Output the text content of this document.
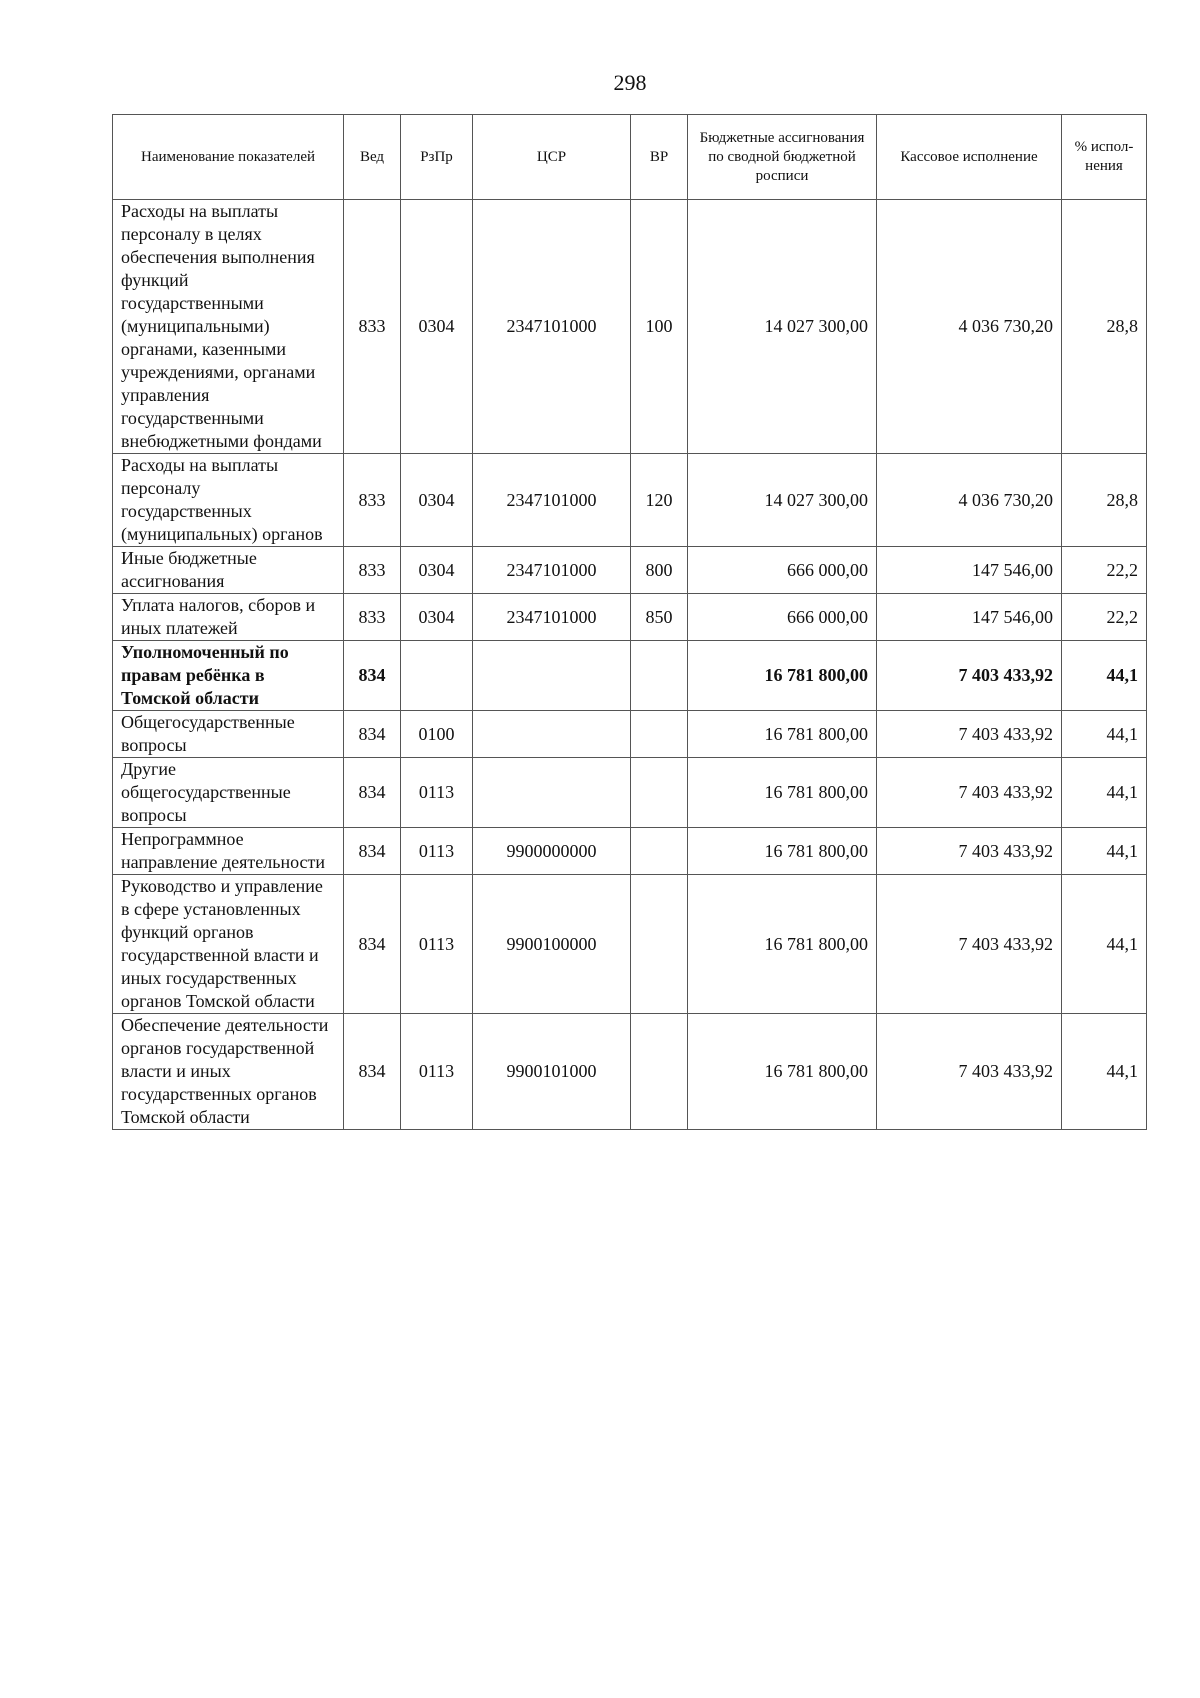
298
Наименование показателей	Вед	РзПр	ЦСР	ВР	Бюджетные ассигнования по сводной бюджетной росписи	Кассовое исполнение	% испол-нения
Расходы на выплаты персоналу в целях обеспечения выполнения функций государственными (муниципальными) органами, казенными учреждениями, органами управления государственными внебюджетными фондами	833	0304	2347101000	100	14 027 300,00	4 036 730,20	28,8
Расходы на выплаты персоналу государственных (муниципальных) органов	833	0304	2347101000	120	14 027 300,00	4 036 730,20	28,8
Иные бюджетные ассигнования	833	0304	2347101000	800	666 000,00	147 546,00	22,2
Уплата налогов, сборов и иных платежей	833	0304	2347101000	850	666 000,00	147 546,00	22,2
Уполномоченный по правам ребёнка в Томской области	834				16 781 800,00	7 403 433,92	44,1
Общегосударственные вопросы	834	0100			16 781 800,00	7 403 433,92	44,1
Другие общегосударственные вопросы	834	0113			16 781 800,00	7 403 433,92	44,1
Непрограммное направление деятельности	834	0113	9900000000		16 781 800,00	7 403 433,92	44,1
Руководство и управление в сфере установленных функций органов государственной власти и иных государственных органов Томской области	834	0113	9900100000		16 781 800,00	7 403 433,92	44,1
Обеспечение деятельности органов государственной власти и иных государственных органов Томской области	834	0113	9900101000		16 781 800,00	7 403 433,92	44,1
